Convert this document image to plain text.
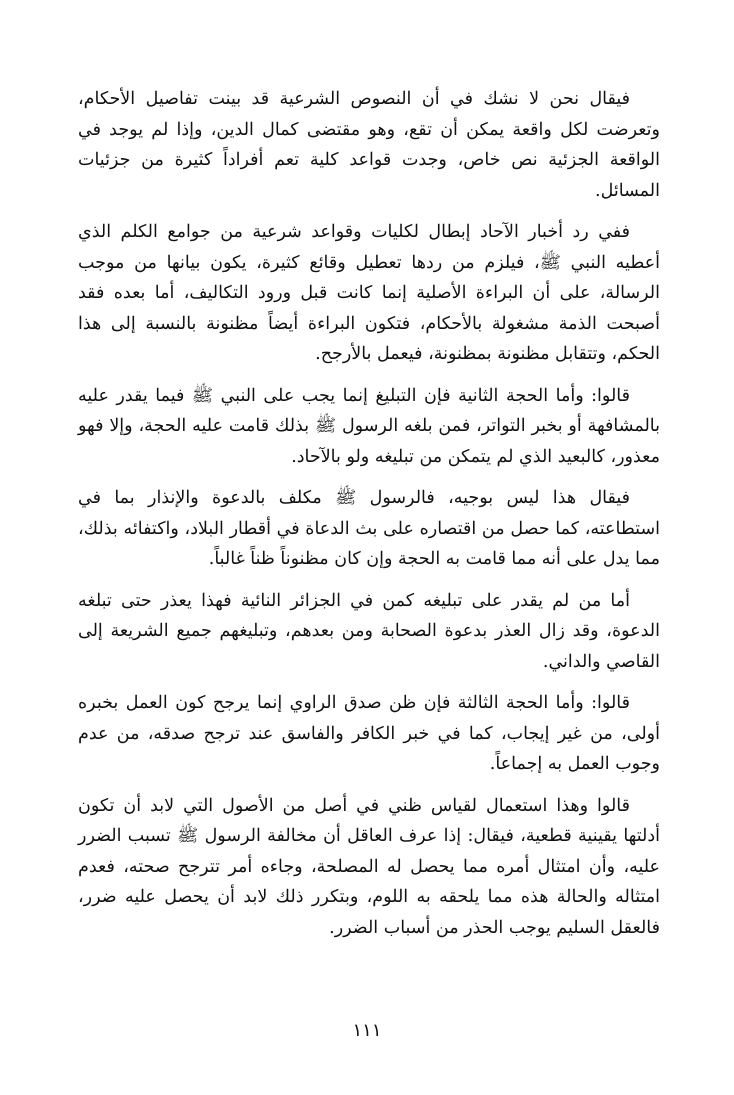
فيقال نحن لا نشك في أن النصوص الشرعية قد بينت تفاصيل الأحكام، وتعرضت لكل واقعة يمكن أن تقع، وهو مقتضى كمال الدين، وإذا لم يوجد في الواقعة الجزئية نص خاص، وجدت قواعد كلية تعم أفراداً كثيرة من جزئيات المسائل.

ففي رد أخبار الآحاد إبطال لكليات وقواعد شرعية من جوامع الكلم الذي أعطيه النبي ﷺ، فيلزم من ردها تعطيل وقائع كثيرة، يكون بيانها من موجب الرسالة، على أن البراءة الأصلية إنما كانت قبل ورود التكاليف، أما بعده فقد أصبحت الذمة مشغولة بالأحكام، فتكون البراءة أيضاً مظنونة بالنسبة إلى هذا الحكم، وتتقابل مظنونة بمظنونة، فيعمل بالأرجح.

قالوا: وأما الحجة الثانية فإن التبليغ إنما يجب على النبي ﷺ فيما يقدر عليه بالمشافهة أو بخبر التواتر، فمن بلغه الرسول ﷺ بذلك قامت عليه الحجة، وإلا فهو معذور، كالبعيد الذي لم يتمكن من تبليغه ولو بالآحاد.

فيقال هذا ليس بوجيه، فالرسول ﷺ مكلف بالدعوة والإنذار بما في استطاعته، كما حصل من اقتصاره على بث الدعاة في أقطار البلاد، واكتفائه بذلك، مما يدل على أنه مما قامت به الحجة وإن كان مظنوناً ظناً غالباً.

أما من لم يقدر على تبليغه كمن في الجزائر النائية فهذا يعذر حتى تبلغه الدعوة، وقد زال العذر بدعوة الصحابة ومن بعدهم، وتبليغهم جميع الشريعة إلى القاصي والداني.

قالوا: وأما الحجة الثالثة فإن ظن صدق الراوي إنما يرجح كون العمل بخبره أولى، من غير إيجاب، كما في خبر الكافر والفاسق عند ترجح صدقه، من عدم وجوب العمل به إجماعاً.

قالوا وهذا استعمال لقياس ظني في أصل من الأصول التي لابد أن تكون أدلتها يقينية قطعية، فيقال: إذا عرف العاقل أن مخالفة الرسول ﷺ تسبب الضرر عليه، وأن امتثال أمره مما يحصل له المصلحة، وجاءه أمر تترجح صحته، فعدم امتثاله والحالة هذه مما يلحقه به اللوم، وبتكرر ذلك لابد أن يحصل عليه ضرر، فالعقل السليم يوجب الحذر من أسباب الضرر.

١١١
